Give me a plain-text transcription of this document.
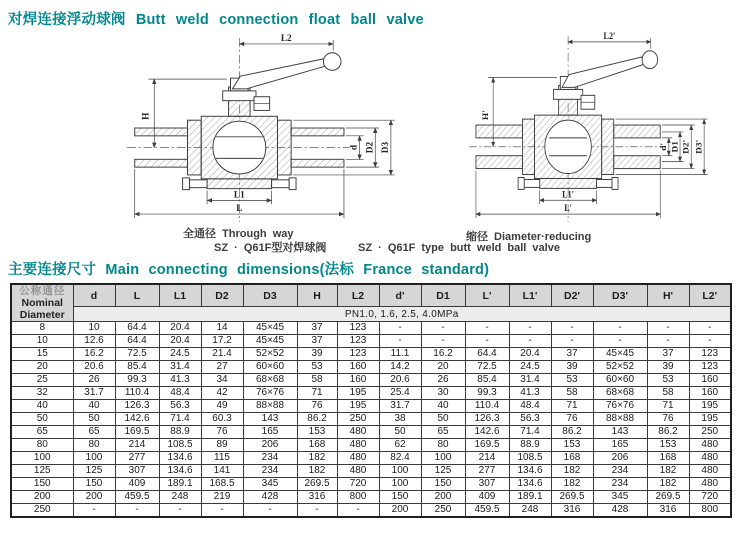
对焊连接浮动球阀 Butt weld connection float ball valve
L2
H
d D2 D3
L1
L
L2'
H'
d' D1 D2' D3'
L1'
L'
全通径 Through way
SZ · Q61F型对焊球阀
缩径 Diameter·reducing
SZ · Q61F type butt weld ball valve
主要连接尺寸 Main connecting dimensions(法标 France standard)
公称通径
Nominal
Diameter	d	L	L1	D2	D3	H	L2	d'	D1	L'	L1'	D2'	D3'	H'	L2'
	PN1.0, 1.6, 2.5, 4.0MPa														
8	10	64.4	20.4	14	45×45	37	123	-	-	-	-	-	-	-	-
10	12.6	64.4	20.4	17.2	45×45	37	123	-	-	-	-	-	-	-	-
15	16.2	72.5	24.5	21.4	52×52	39	123	11.1	16.2	64.4	20.4	37	45×45	37	123
20	20.6	85.4	31.4	27	60×60	53	160	14.2	20	72.5	24.5	39	52×52	39	123
25	26	99.3	41.3	34	68×68	58	160	20.6	26	85.4	31.4	53	60×60	53	160
32	31.7	110.4	48.4	42	76×76	71	195	25.4	30	99.3	41.3	58	68×68	58	160
40	40	126.3	56.3	49	88×88	76	195	31.7	40	110.4	48.4	71	76×76	71	195
50	50	142.6	71.4	60.3	143	86.2	250	38	50	126.3	56.3	76	88×88	76	195
65	65	169.5	88.9	76	165	153	480	50	65	142.6	71.4	86.2	143	86.2	250
80	80	214	108.5	89	206	168	480	62	80	169.5	88.9	153	165	153	480
100	100	277	134.6	115	234	182	480	82.4	100	214	108.5	168	206	168	480
125	125	307	134.6	141	234	182	480	100	125	277	134.6	182	234	182	480
150	150	409	189.1	168.5	345	269.5	720	100	150	307	134.6	182	234	182	480
200	200	459.5	248	219	428	316	800	150	200	409	189.1	269.5	345	269.5	720
250	-	-	-	-	-	-	-	200	250	459.5	248	316	428	316	800
